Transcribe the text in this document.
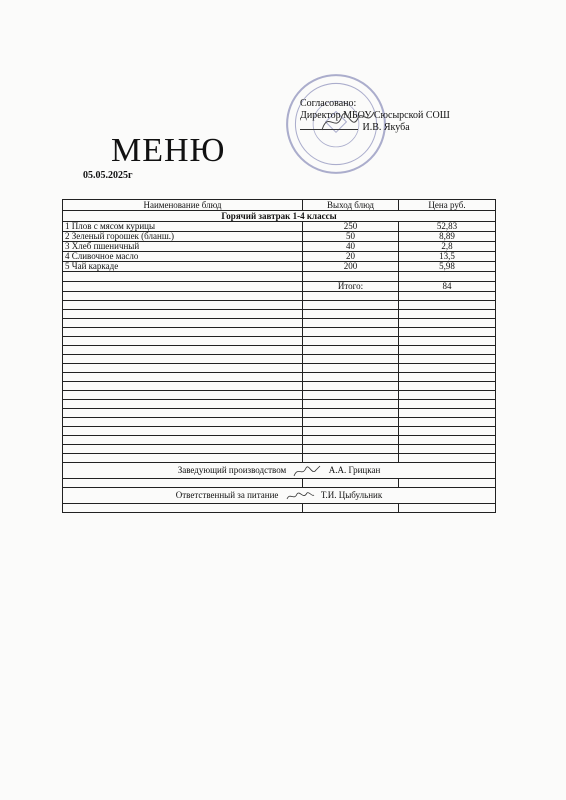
Согласовано:
Директор МБОУ Сюсырской СОШ
И.В. Якуба
МЕНЮ
05.05.2025г
Наименование блюд	Выход блюд	Цена руб.
Горячий завтрак 1-4 классы		
1 Плов с мясом курицы	250	52,83
2 Зеленый горошек (бланш.)	50	8,89
3 Хлеб пшеничный	40	2,8
4 Сливочное масло	20	13,5
5 Чай каркаде	200	5,98

	Итого:	84

Заведующий производством А.А. Грицкан		

Ответственный за питание Т.И. Цыбульник		
